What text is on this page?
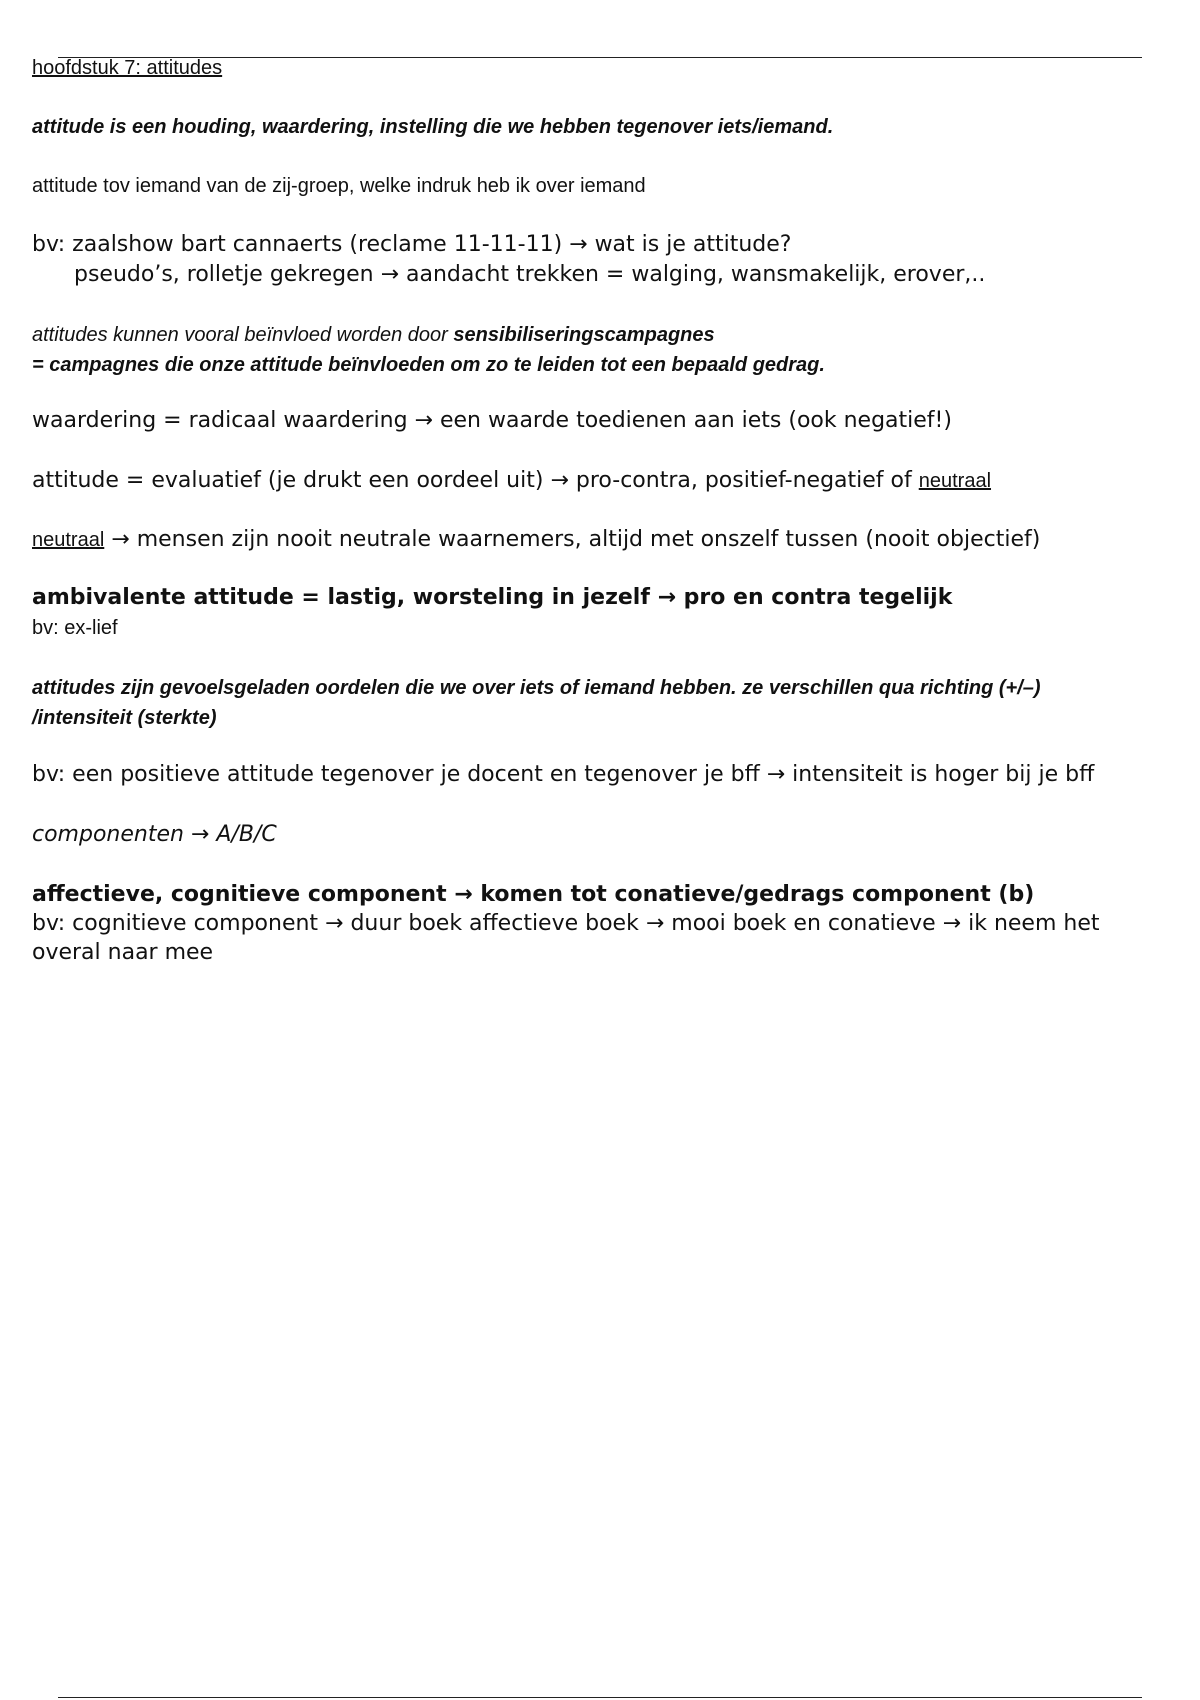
hoofdstuk 7: attitudes
attitude is een houding, waardering, instelling die we hebben tegenover iets/iemand.
attitude tov iemand van de zij-groep, welke indruk heb ik over iemand
bv: zaalshow bart cannaerts (reclame 11-11-11) → wat is je attitude?
pseudo’s, rolletje gekregen → aandacht trekken = walging, wansmakelijk, erover,..
attitudes kunnen vooral beïnvloed worden door sensibiliseringscampagnes
= campagnes die onze attitude beïnvloeden om zo te leiden tot een bepaald gedrag.
waardering = radicaal waardering → een waarde toedienen aan iets (ook negatief!)
attitude = evaluatief (je drukt een oordeel uit) → pro-contra, positief-negatief of neutraal
neutraal → mensen zijn nooit neutrale waarnemers, altijd met onszelf tussen (nooit objectief)
ambivalente attitude = lastig, worsteling in jezelf → pro en contra tegelijk
bv: ex-lief
attitudes zijn gevoelsgeladen oordelen die we over iets of iemand hebben. ze verschillen qua richting (+/–)
/intensiteit (sterkte)
bv: een positieve attitude tegenover je docent en tegenover je bff → intensiteit is hoger bij je bff
componenten → A/B/C
affectieve, cognitieve component → komen tot conatieve/gedrags component (b)
bv: cognitieve component → duur boek affectieve boek → mooi boek en conatieve → ik neem het
overal naar mee
